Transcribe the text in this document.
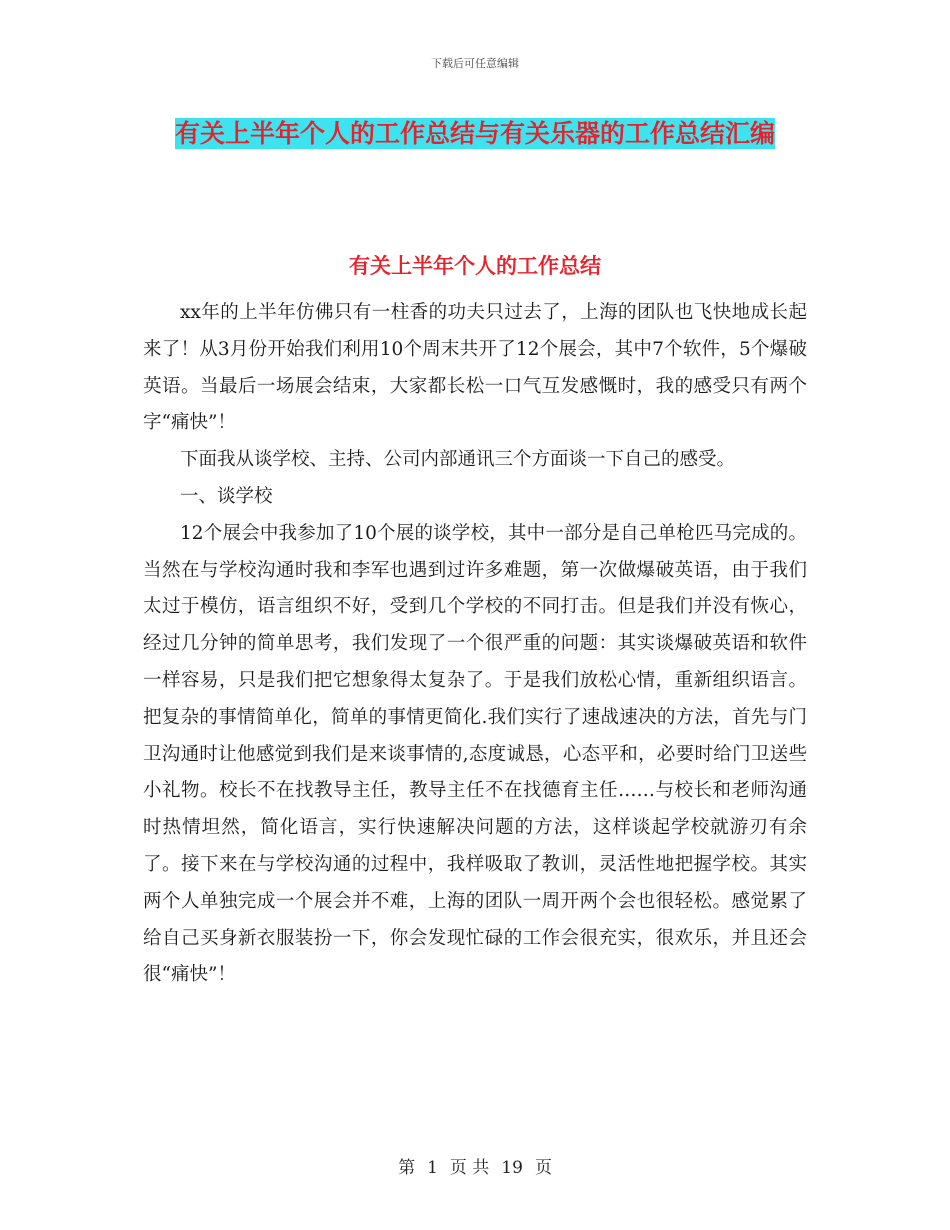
下载后可任意编辑
有关上半年个人的工作总结与有关乐器的工作总结汇编
有关上半年个人的工作总结

xx年的上半年仿佛只有一柱香的功夫只过去了，上海的团队也飞快地成长起来了！从3月份开始我们利用10个周末共开了12个展会，其中7个软件，5个爆破英语。当最后一场展会结束，大家都长松一口气互发感慨时，我的感受只有两个字“痛快”！

下面我从谈学校、主持、公司内部通讯三个方面谈一下自己的感受。

一、谈学校

12个展会中我参加了10个展的谈学校，其中一部分是自己单枪匹马完成的。当然在与学校沟通时我和李军也遇到过许多难题，第一次做爆破英语，由于我们太过于模仿，语言组织不好，受到几个学校的不同打击。但是我们并没有恢心，经过几分钟的简单思考，我们发现了一个很严重的问题：其实谈爆破英语和软件一样容易，只是我们把它想象得太复杂了。于是我们放松心情，重新组织语言。把复杂的事情简单化，简单的事情更简化.我们实行了速战速决的方法，首先与门卫沟通时让他感觉到我们是来谈事情的,态度诚恳，心态平和，必要时给门卫送些小礼物。校长不在找教导主任，教导主任不在找德育主任……与校长和老师沟通时热情坦然，简化语言，实行快速解决问题的方法，这样谈起学校就游刃有余了。接下来在与学校沟通的过程中，我样吸取了教训，灵活性地把握学校。其实两个人单独完成一个展会并不难，上海的团队一周开两个会也很轻松。感觉累了给自己买身新衣服装扮一下，你会发现忙碌的工作会很充实，很欢乐，并且还会很“痛快”！

第 1 页 共 19 页
